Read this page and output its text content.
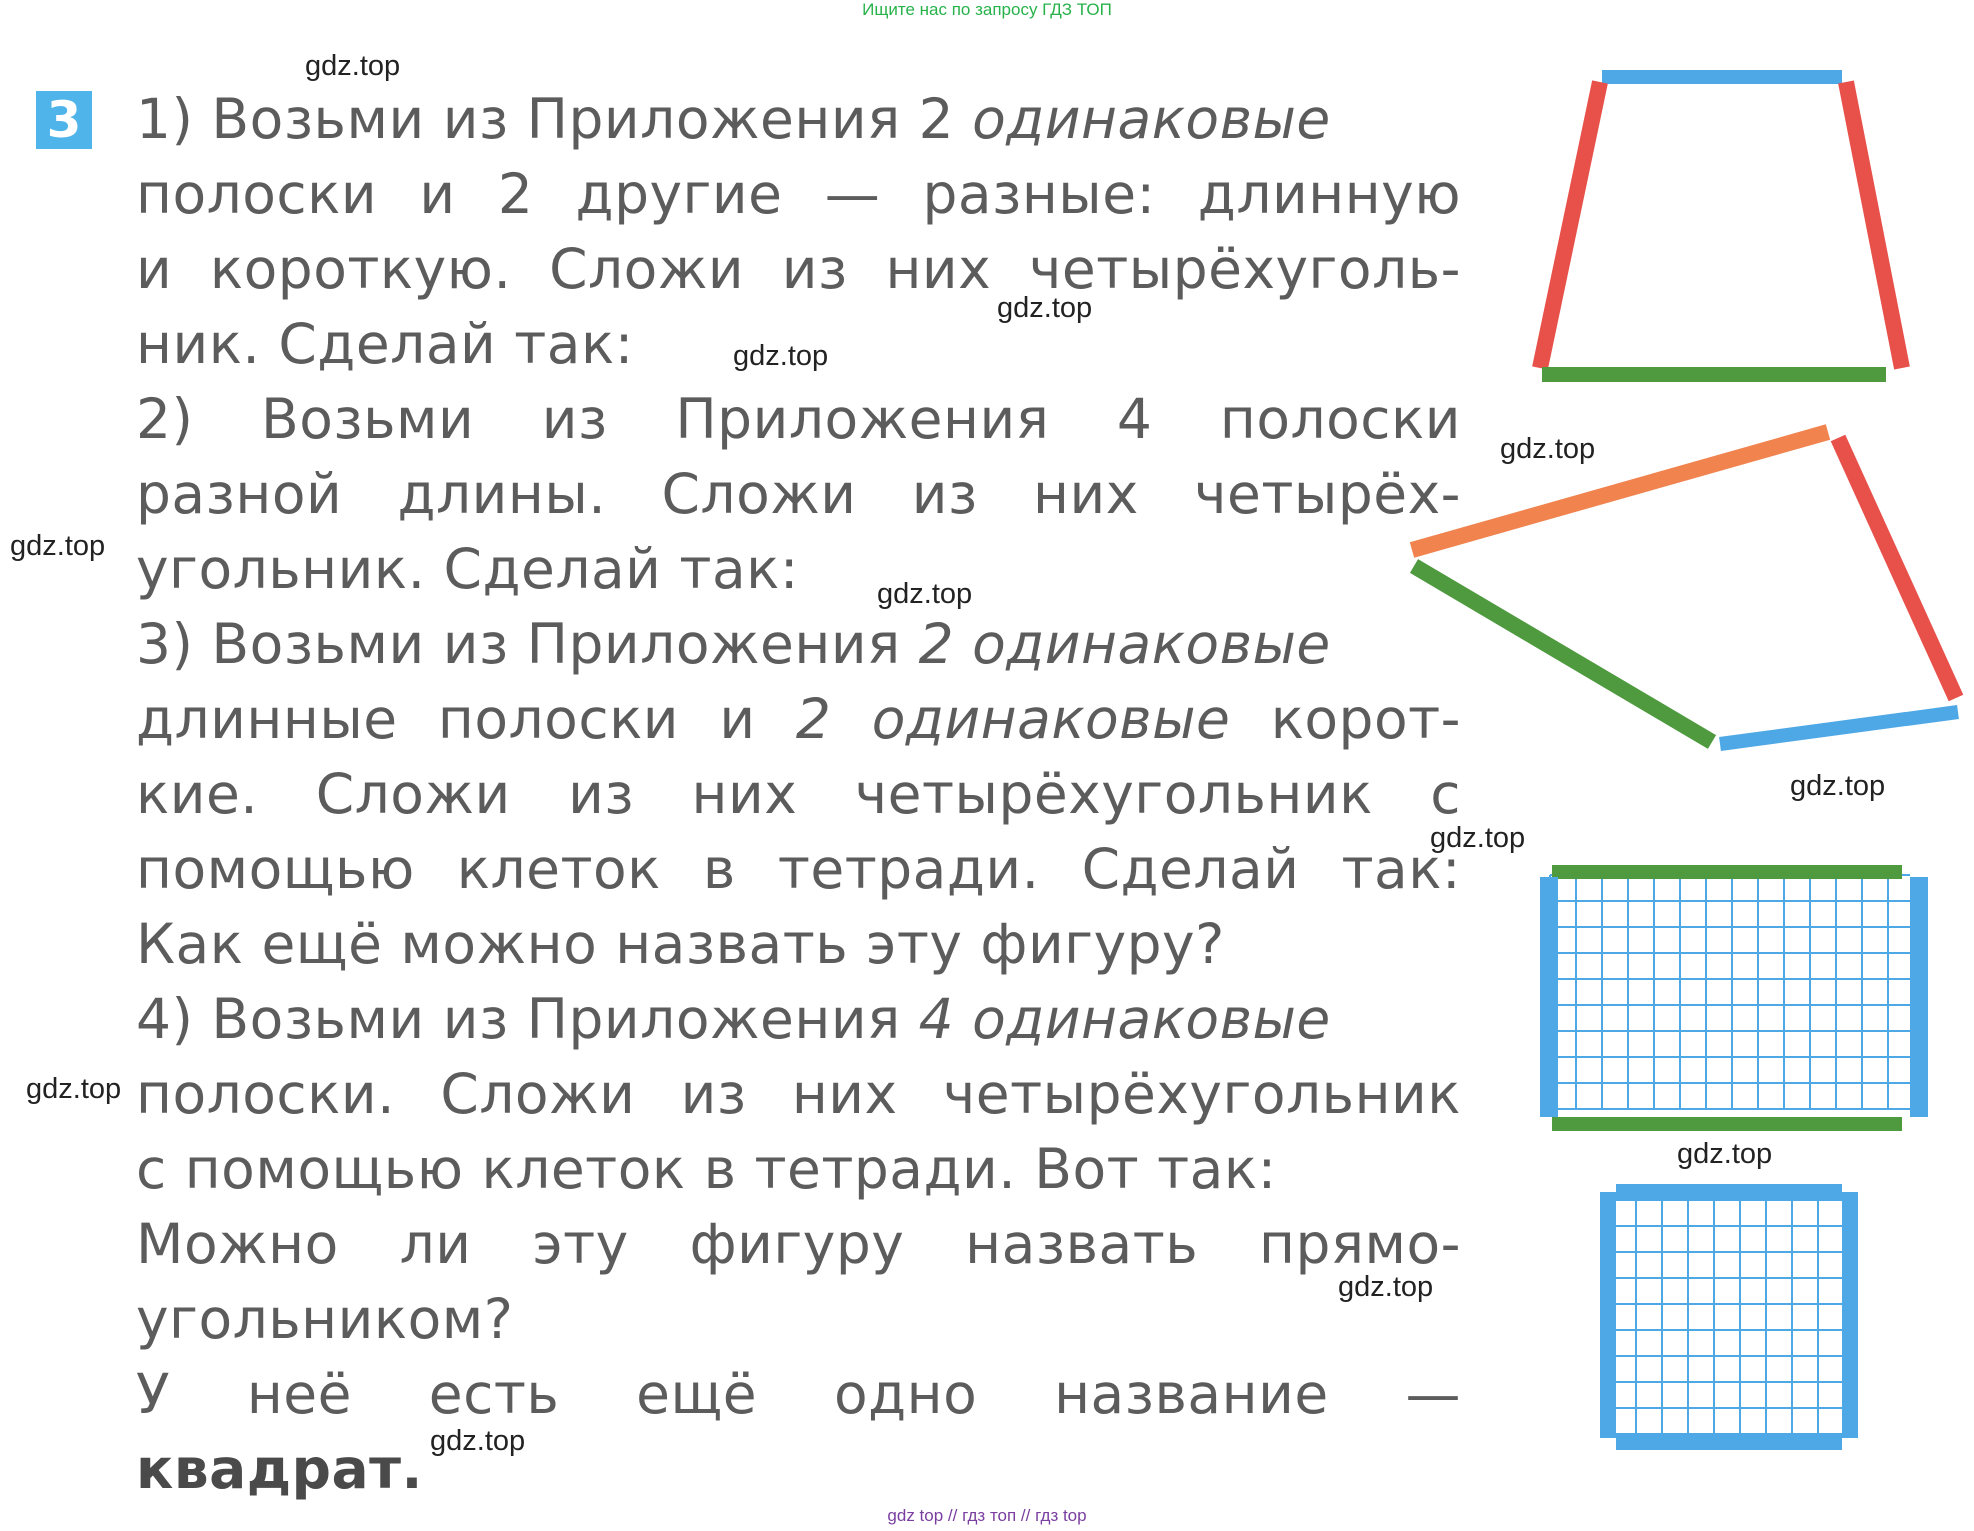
Ищите нас по запросу ГДЗ ТОП
3 1) Возьми из Приложения 2 одинаковые
полоски и 2 другие — разные: длинную
и короткую. Сложи из них четырёхуголь-
ник. Сделай так:
2) Возьми из Приложения 4 полоски
разной длины. Сложи из них четырёх-
угольник. Сделай так:
3) Возьми из Приложения 2 одинаковые
длинные полоски и 2 одинаковые корот-
кие. Сложи из них четырёхугольник с
помощью клеток в тетради. Сделай так:
Как ещё можно назвать эту фигуру?
4) Возьми из Приложения 4 одинаковые
полоски. Сложи из них четырёхугольник
с помощью клеток в тетради. Вот так:
Можно ли эту фигуру назвать прямо-
угольником?
У неё есть ещё одно название —
квадрат.
gdz.top
gdz.top
gdz.top
gdz.top
gdz.top
gdz.top
gdz.top
gdz.top
gdz.top
gdz.top
gdz.top
gdz.top
gdz top // гдз топ // гдз top
